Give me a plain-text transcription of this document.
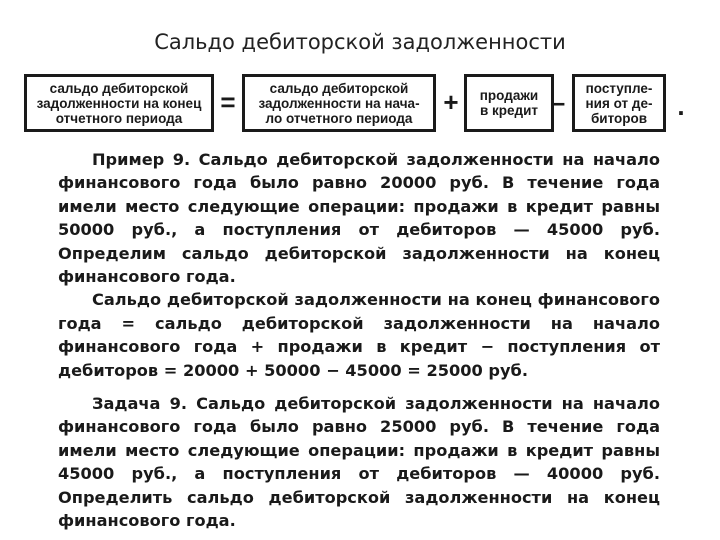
Сальдо дебиторской задолженности
сальдо дебиторской
задолженности на конец
отчетного периода
=	сальдо дебиторской
задолженности на нача-
ло отчетного периода
+ продажи
в кредит – поступле-
ния от де-
биторов .

Пример 9. Сальдо дебиторской задолженности на начало финансового года было равно 20000 руб. В течение года имели место следующие операции: продажи в кредит равны 50000 руб., а поступления от дебиторов — 45000 руб. Определим сальдо дебиторской задолженности на конец финансового года.

Сальдо дебиторской задолженности на конец финансового года = сальдо дебиторской задолженности на начало финансового года + продажи в кредит − поступления от дебиторов = 20000 + 50000 − 45000 = 25000 руб.

Задача 9. Сальдо дебиторской задолженности на начало финансового года было равно 25000 руб. В течение года имели место следующие операции: продажи в кредит равны 45000 руб., а поступления от дебиторов — 40000 руб. Определить сальдо дебиторской задолженности на конец финансового года.
